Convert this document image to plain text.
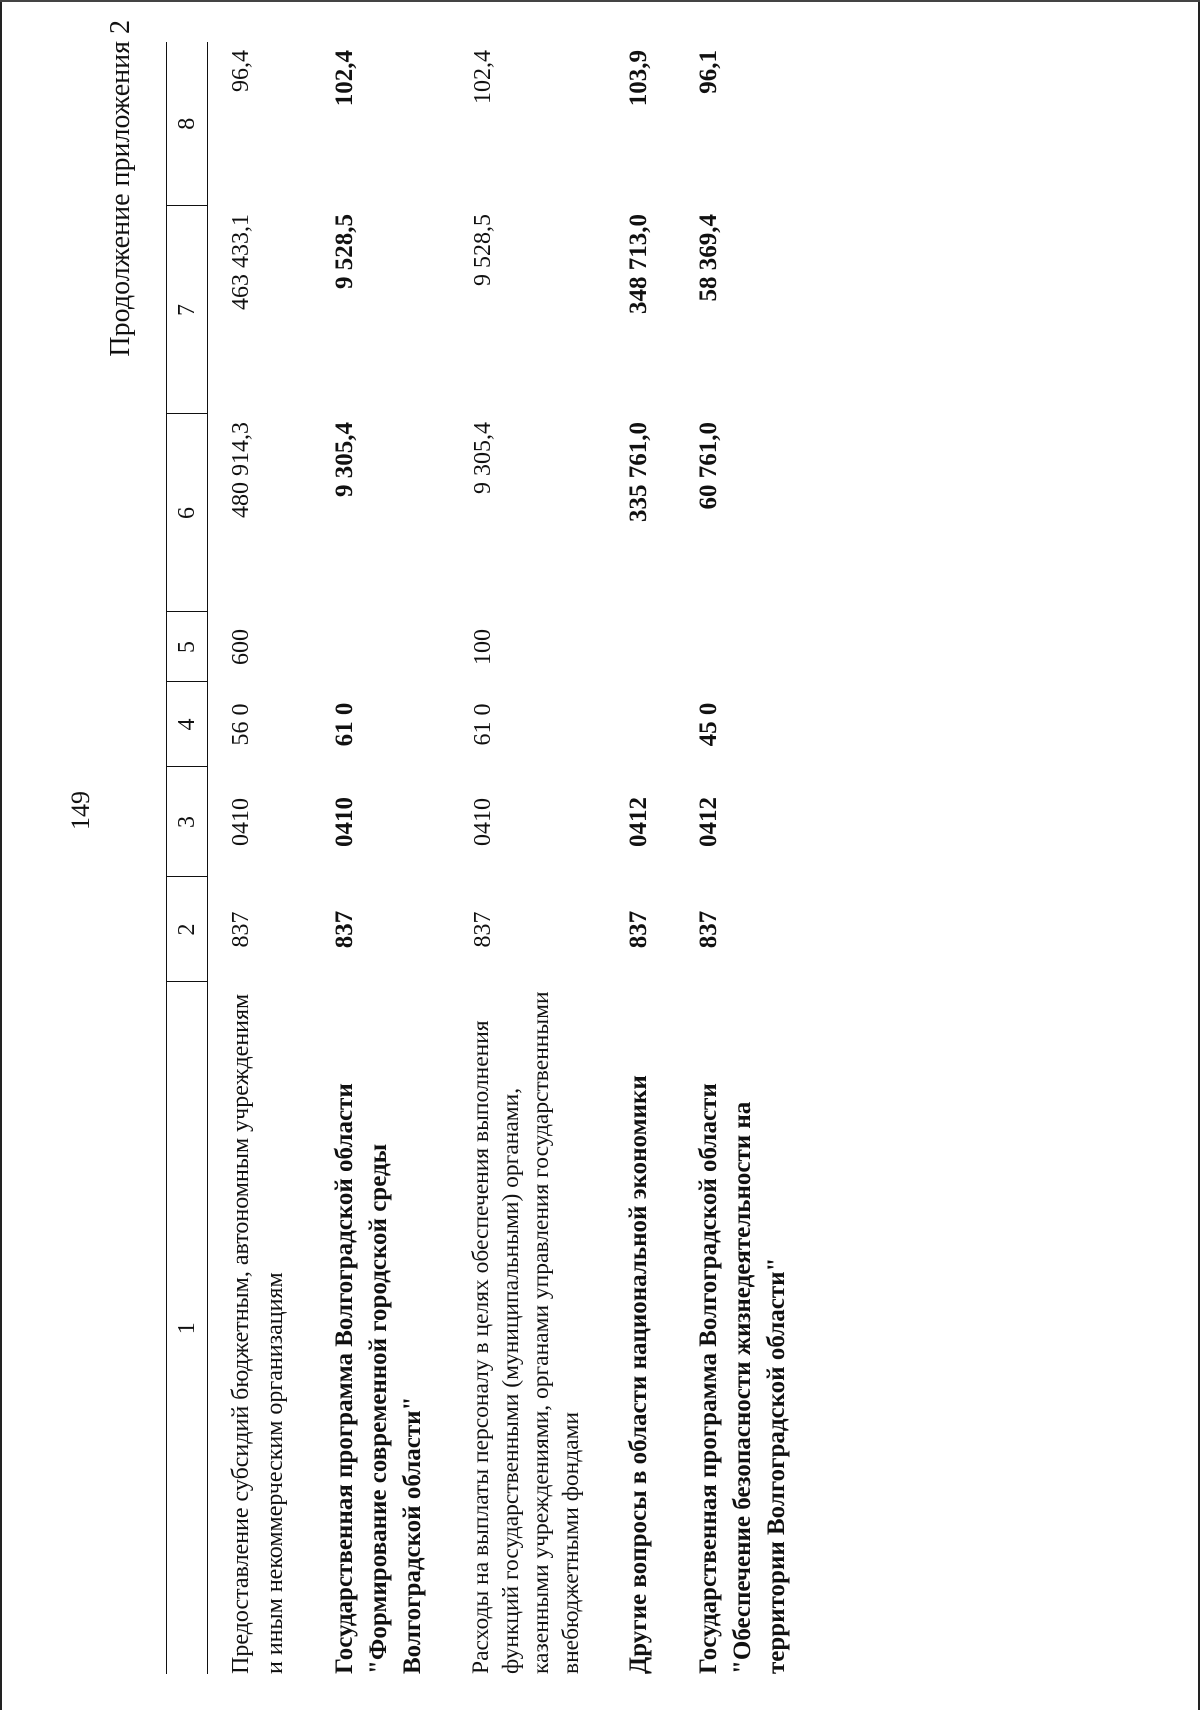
149
Продолжение приложения 2
1	2	3	4	5	6	7	8
Предоставление субсидий бюджетным, автономным учреждениям и иным некоммерческим организациям	837	0410	56 0	600	480 914,3	463 433,1	96,4
Государственная программа Волгоградской области "Формирование современной городской среды Волгоградской области"	837	0410	61 0		9 305,4	9 528,5	102,4
Расходы на выплаты персоналу в целях обеспечения выполнения функций государственными (муниципальными) органами, казенными учреждениями, органами управления государственными внебюджетными фондами	837	0410	61 0	100	9 305,4	9 528,5	102,4
Другие вопросы в области национальной экономики	837	0412			335 761,0	348 713,0	103,9
Государственная программа Волгоградской области "Обеспечение безопасности жизнедеятельности на территории Волгоградской области"	837	0412	45 0		60 761,0	58 369,4	96,1
